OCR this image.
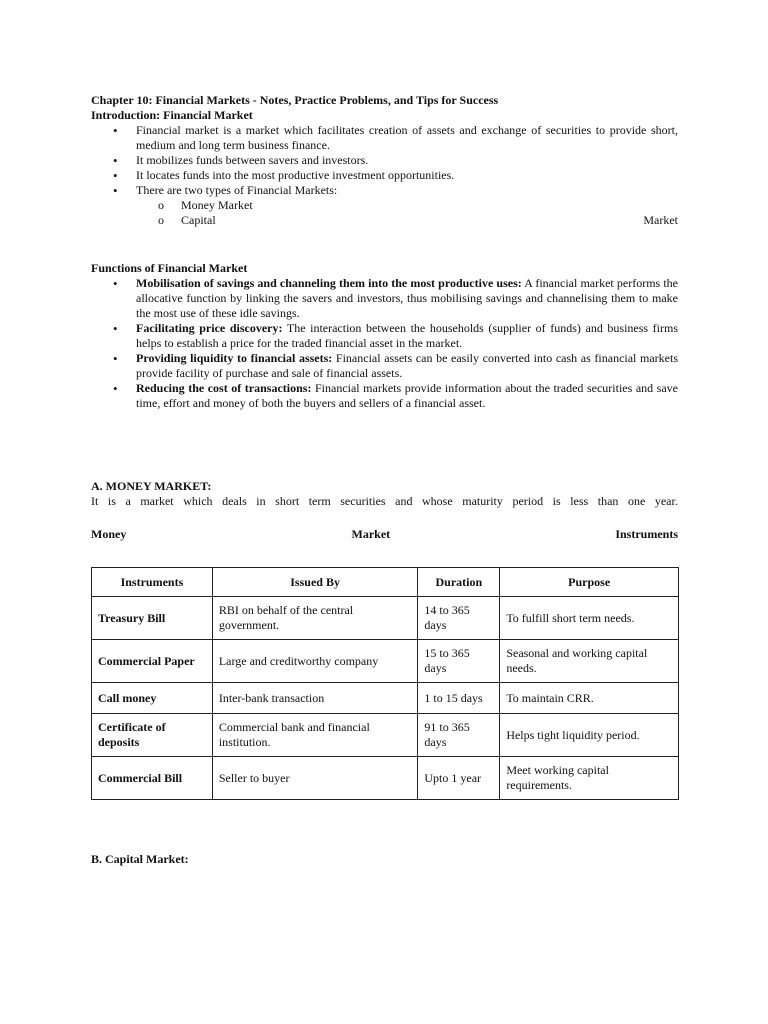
Chapter 10: Financial Markets - Notes, Practice Problems, and Tips for Success

Introduction: Financial Market

• Financial market is a market which facilitates creation of assets and exchange of securities to provide short, medium and long term business finance.
• It mobilizes funds between savers and investors.
• It locates funds into the most productive investment opportunities.
• There are two types of Financial Markets:
o Money Market
o Capital	Market

Functions of Financial Market

• Mobilisation of savings and channeling them into the most productive uses: A financial market performs the allocative function by linking the savers and investors, thus mobilising savings and channelising them to make the most use of these idle savings.
• Facilitating price discovery: The interaction between the households (supplier of funds) and business firms helps to establish a price for the traded financial asset in the market.
• Providing liquidity to financial assets: Financial assets can be easily converted into cash as financial markets provide facility of purchase and sale of financial assets.
• Reducing the cost of transactions: Financial markets provide information about the traded securities and save time, effort and money of both the buyers and sellers of a financial asset.

A. MONEY MARKET:

It is a market which deals in short term securities and whose maturity period is less than one year.
Money	Market	Instruments
Instruments	Issued By	Duration	Purpose
Treasury Bill	RBI on behalf of the central government.	14 to 365 days	To fulfill short term needs.
Commercial Paper	Large and creditworthy company	15 to 365 days	Seasonal and working capital needs.
Call money	Inter-bank transaction	1 to 15 days	To maintain CRR.
Certificate of deposits	Commercial bank and financial institution.	91 to 365 days	Helps tight liquidity period.
Commercial Bill	Seller to buyer	Upto 1 year	Meet working capital requirements.

B. Capital Market:
